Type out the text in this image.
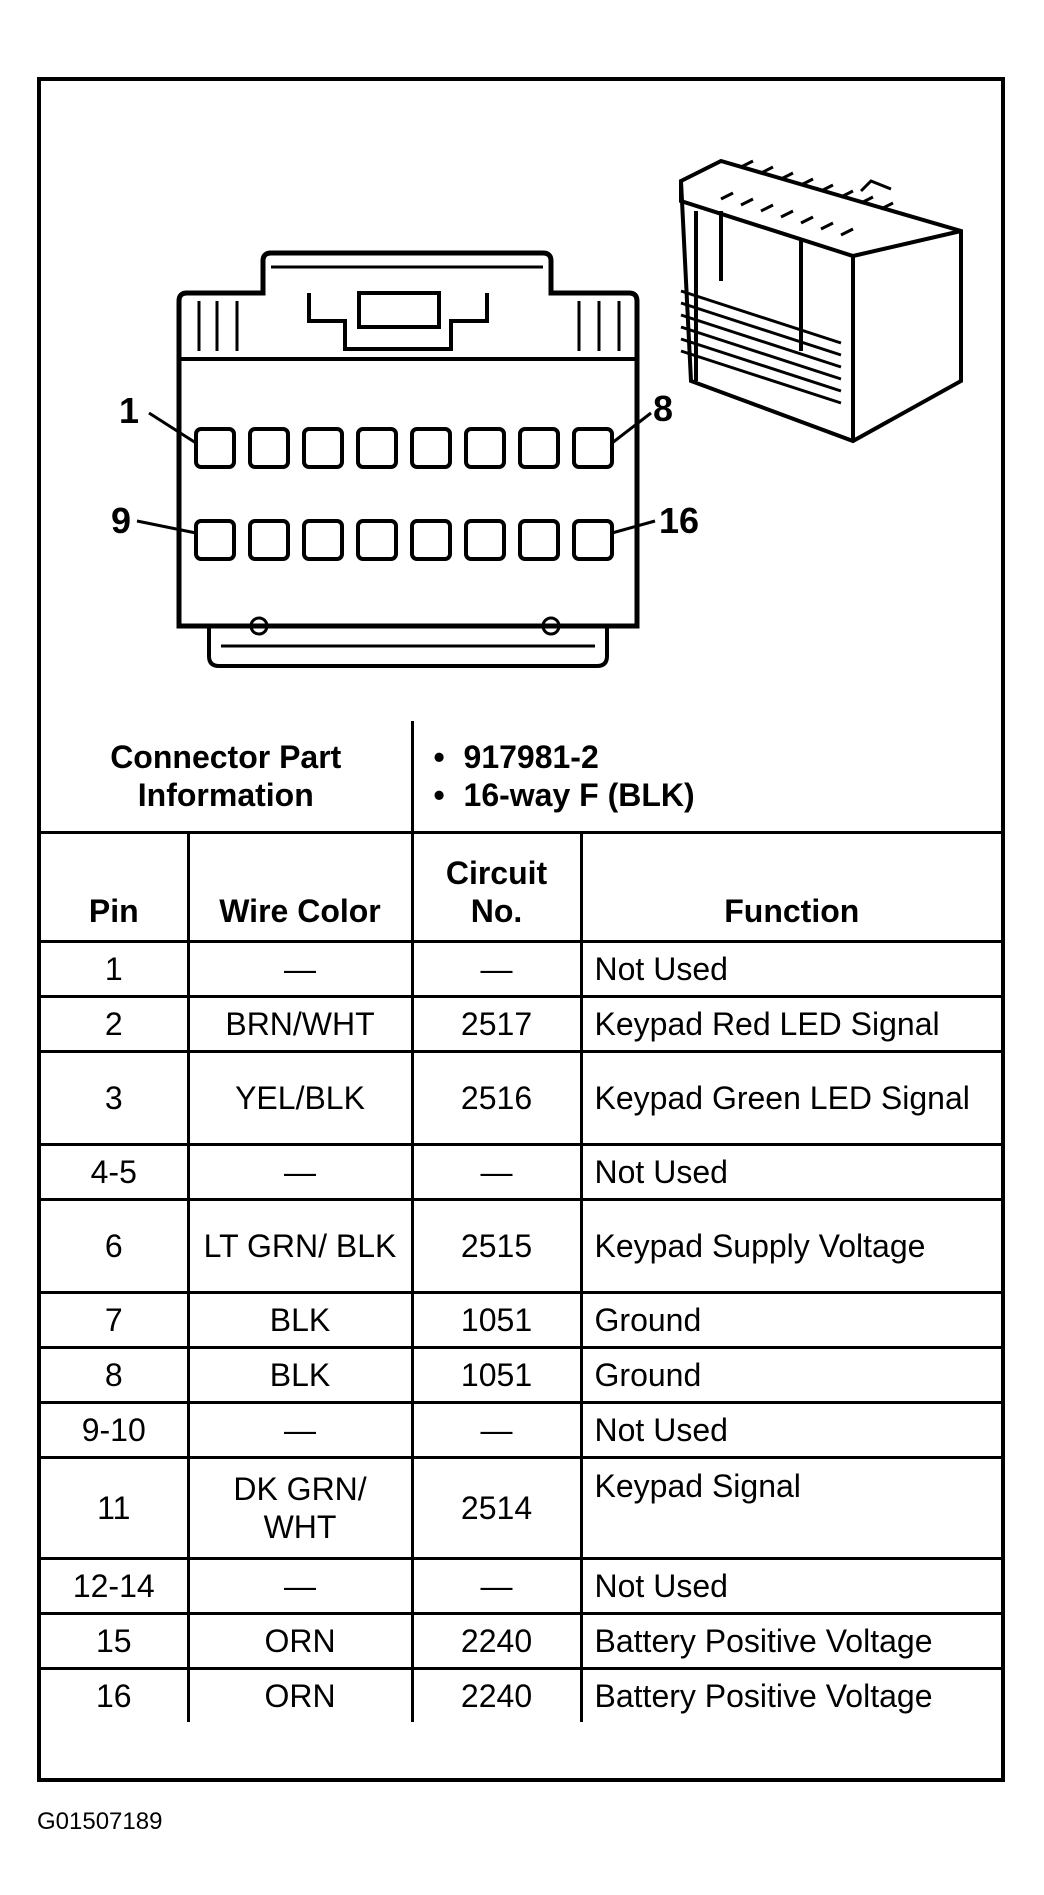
1	8
9	16
Connector Part Information		• 917981-2
• 16-way F (BLK)

Pin	Wire Color	Circuit No.	Function
1	—	—	Not Used
2	BRN/WHT	2517	Keypad Red LED Signal
3	YEL/BLK	2516	Keypad Green LED Signal
4-5	—	—	Not Used
6	LT GRN/ BLK	2515	Keypad Supply Voltage
7	BLK	1051	Ground
8	BLK	1051	Ground
9-10	—	—	Not Used
11	DK GRN/ WHT	2514	Keypad Signal
12-14	—	—	Not Used
15	ORN	2240	Battery Positive Voltage
16	ORN	2240	Battery Positive Voltage
G01507189
